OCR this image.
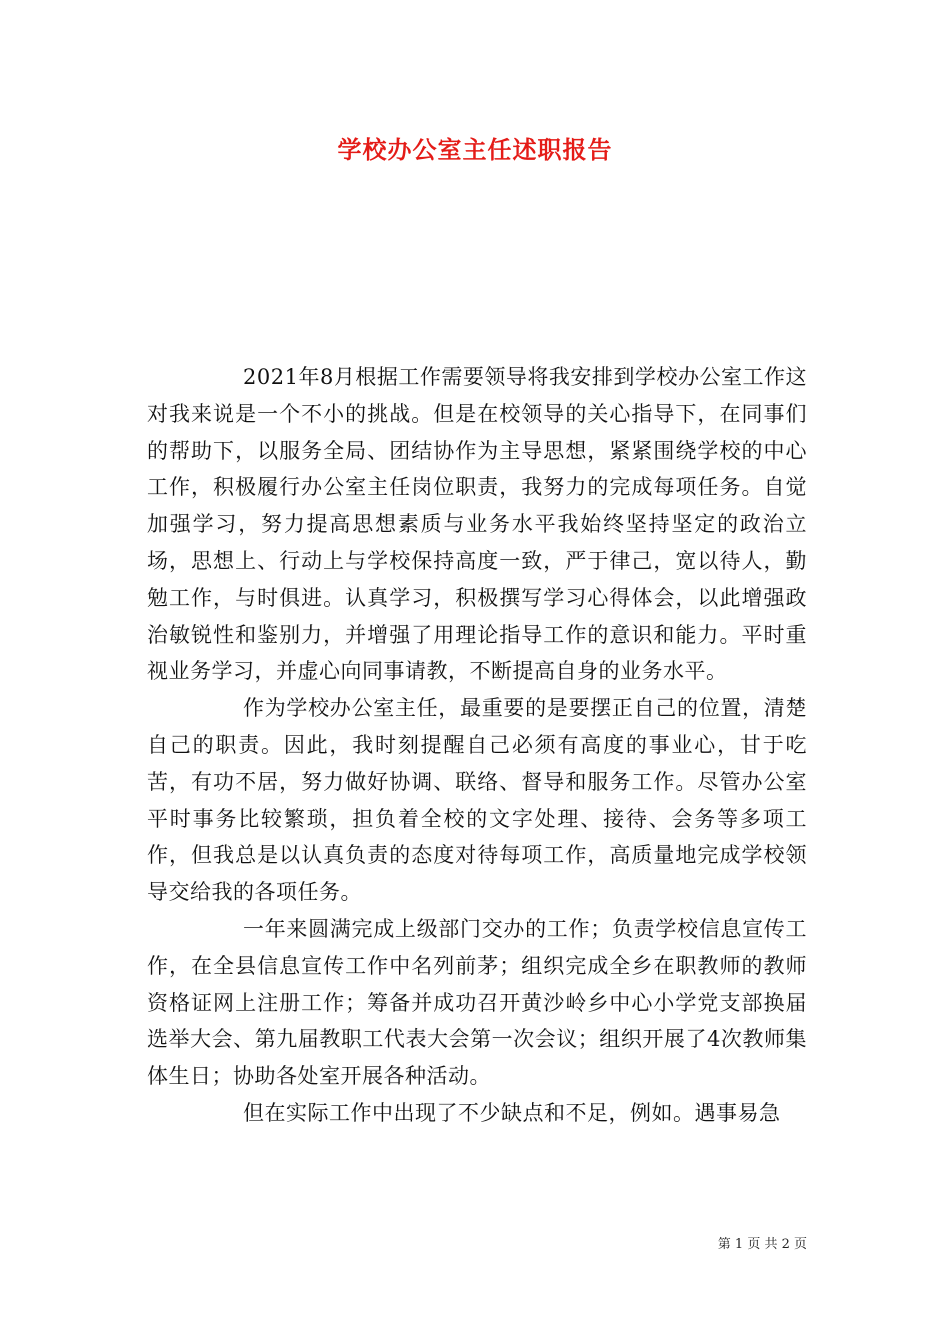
学校办公室主任述职报告

2021年8月根据工作需要领导将我安排到学校办公室工作这对我来说是一个不小的挑战。但是在校领导的关心指导下，在同事们的帮助下，以服务全局、团结协作为主导思想，紧紧围绕学校的中心工作，积极履行办公室主任岗位职责，我努力的完成每项任务。自觉加强学习，努力提高思想素质与业务水平我始终坚持坚定的政治立场，思想上、行动上与学校保持高度一致，严于律己，宽以待人，勤勉工作，与时俱进。认真学习，积极撰写学习心得体会，以此增强政治敏锐性和鉴别力，并增强了用理论指导工作的意识和能力。平时重视业务学习，并虚心向同事请教，不断提高自身的业务水平。

作为学校办公室主任，最重要的是要摆正自己的位置，清楚自己的职责。因此，我时刻提醒自己必须有高度的事业心，甘于吃苦，有功不居，努力做好协调、联络、督导和服务工作。尽管办公室平时事务比较繁琐，担负着全校的文字处理、接待、会务等多项工作，但我总是以认真负责的态度对待每项工作，高质量地完成学校领导交给我的各项任务。

一年来圆满完成上级部门交办的工作；负责学校信息宣传工作，在全县信息宣传工作中名列前茅；组织完成全乡在职教师的教师资格证网上注册工作；筹备并成功召开黄沙岭乡中心小学党支部换届选举大会、第九届教职工代表大会第一次会议；组织开展了4次教师集体生日；协助各处室开展各种活动。

但在实际工作中出现了不少缺点和不足，例如。遇事易急

第 1 页 共 2 页
